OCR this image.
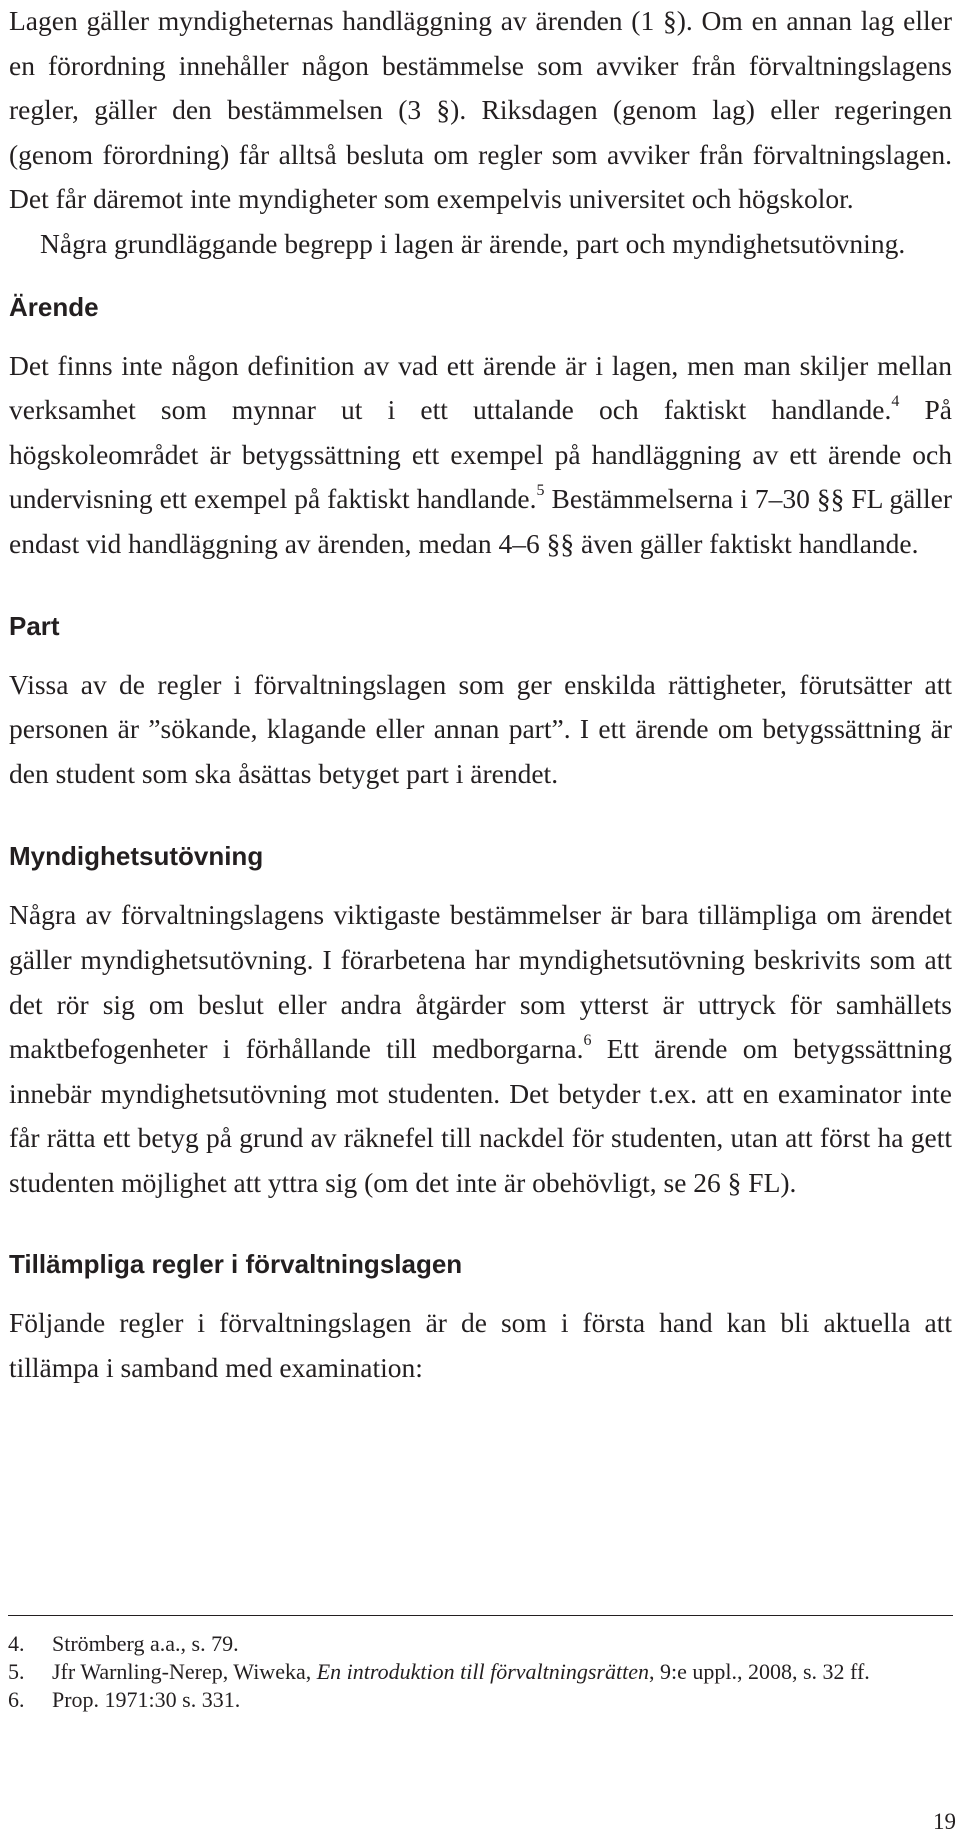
Lagen gäller myndigheternas handläggning av ärenden (1 §). Om en annan lag eller en förordning innehåller någon bestämmelse som avviker från förvaltningslagens regler, gäller den bestämmelsen (3 §). Riksdagen (genom lag) eller regeringen (genom förordning) får alltså besluta om regler som avviker från förvaltningslagen. Det får däremot inte myndigheter som exempelvis universitet och högskolor.

Några grundläggande begrepp i lagen är ärende, part och myndighetsutövning.

Ärende

Det finns inte någon definition av vad ett ärende är i lagen, men man skiljer mellan verksamhet som mynnar ut i ett uttalande och faktiskt handlande.$^4$ På högskoleområdet är betygssättning ett exempel på handläggning av ett ärende och undervisning ett exempel på faktiskt handlande.$^5$ Bestämmelserna i 7–30 §§ FL gäller endast vid handläggning av ärenden, medan 4–6 §§ även gäller faktiskt handlande.

Part

Vissa av de regler i förvaltningslagen som ger enskilda rättigheter, förutsätter att personen är ”sökande, klagande eller annan part”. I ett ärende om betygssättning är den student som ska åsättas betyget part i ärendet.

Myndighetsutövning

Några av förvaltningslagens viktigaste bestämmelser är bara tillämpliga om ärendet gäller myndighetsutövning. I förarbetena har myndighetsutövning beskrivits som att det rör sig om beslut eller andra åtgärder som ytterst är uttryck för samhällets maktbefogenheter i förhållande till medborgarna.$^6$ Ett ärende om betygssättning innebär myndighetsutövning mot studenten. Det betyder t.ex. att en examinator inte får rätta ett betyg på grund av räknefel till nackdel för studenten, utan att först ha gett studenten möjlighet att yttra sig (om det inte är obehövligt, se 26 § FL).

Tillämpliga regler i förvaltningslagen

Följande regler i förvaltningslagen är de som i första hand kan bli aktuella att tillämpa i samband med examination:

4. Strömberg a.a., s. 79.
5. Jfr Warnling-Nerep, Wiweka, En introduktion till förvaltningsrätten, 9:e uppl., 2008, s. 32 ff.
6. Prop. 1971:30 s. 331.
19
